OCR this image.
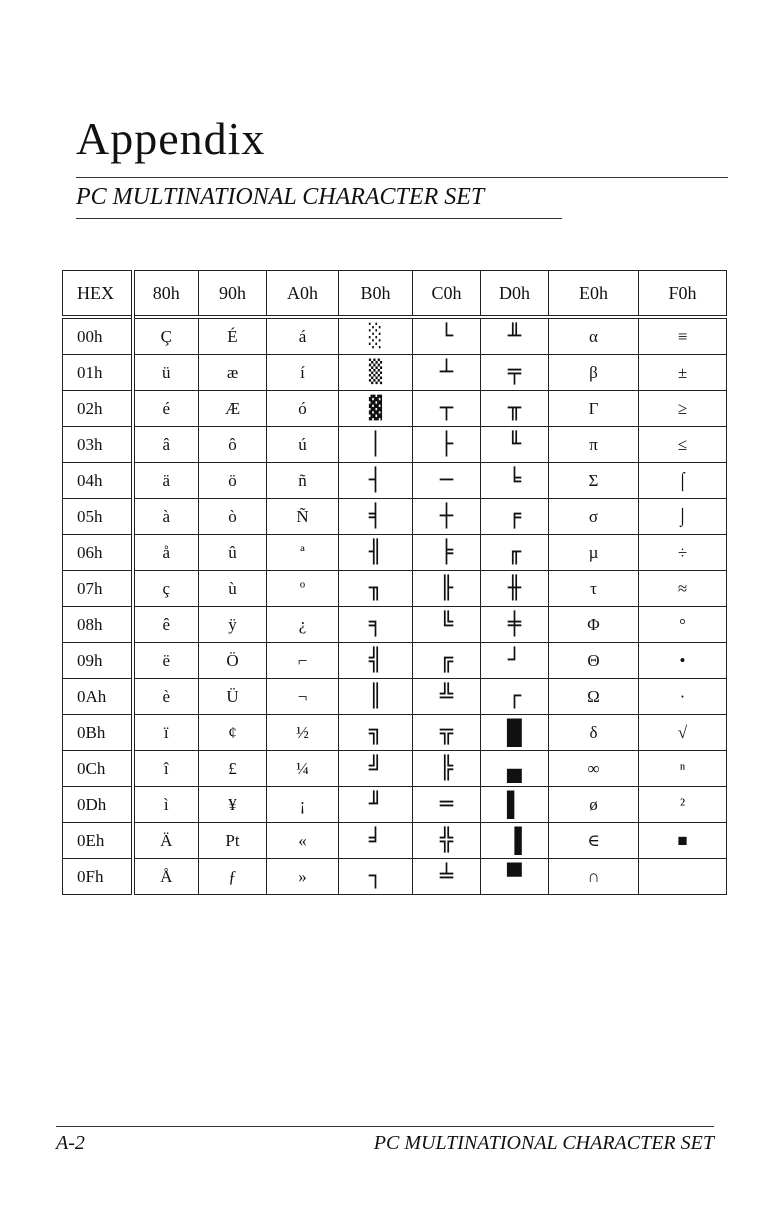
Appendix
PC MULTINATIONAL CHARACTER SET
HEX	80h	90h	A0h	B0h	C0h	D0h	E0h	F0h
00h	Ç	É	á	░	└	╨	α	≡
01h	ü	æ	í	▒	┴	╤	β	±
02h	é	Æ	ó	▓	┬	╥	Γ	≥
03h	â	ô	ú	│	├	╙	π	≤
04h	ä	ö	ñ	┤	─	╘	Σ	⌠
05h	à	ò	Ñ	╡	┼	╒	σ	⌡
06h	å	û	ª	╢	╞	╓	µ	÷
07h	ç	ù	º	╖	╟	╫	τ	≈
08h	ê	ÿ	¿	╕	╚	╪	Φ	°
09h	ë	Ö	⌐	╣	╔	┘	Θ	•
0Ah	è	Ü	¬	║	╩	┌	Ω	·
0Bh	ï	¢	½	╗	╦	█	δ	√
0Ch	î	£	¼	╝	╠	▄	∞	ⁿ
0Dh	ì	¥	¡	╜	═	▌	ø	²
0Eh	Ä	Pt	«	╛	╬	▐	∈	■
0Fh	Å	ƒ	»	┐	╧	▀	∩	
A-2	PC MULTINATIONAL CHARACTER SET
